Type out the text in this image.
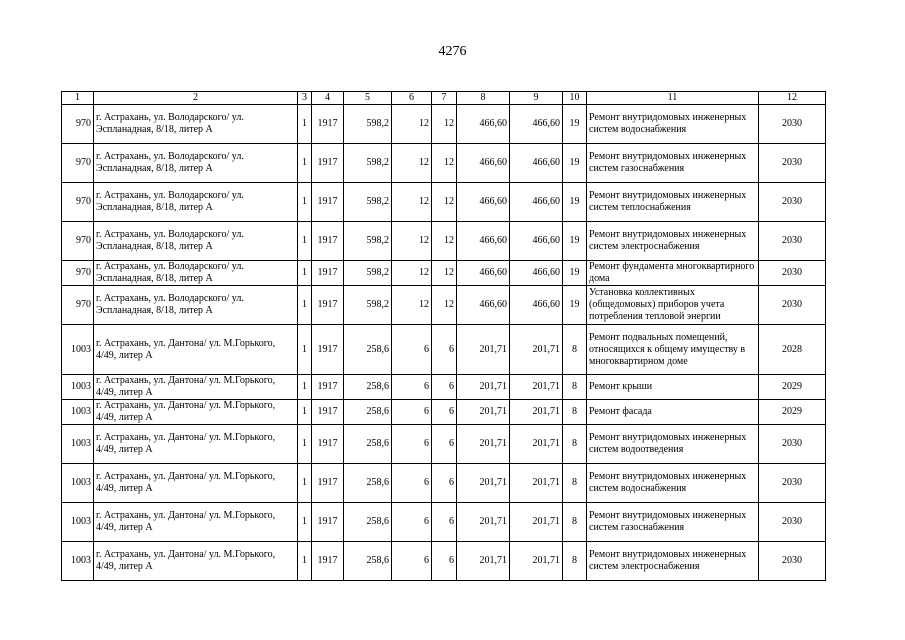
4276
1	2	3	4	5	6	7	8	9	10	11	12
970	г. Астрахань, ул. Володарского/ ул. Эспланадная, 8/18, литер А	1	1917	598,2	12	12	466,60	466,60	19	Ремонт внутридомовых инженерных систем водоснабжения	2030
970	г. Астрахань, ул. Володарского/ ул. Эспланадная, 8/18, литер А	1	1917	598,2	12	12	466,60	466,60	19	Ремонт внутридомовых инженерных систем газоснабжения	2030
970	г. Астрахань, ул. Володарского/ ул. Эспланадная, 8/18, литер А	1	1917	598,2	12	12	466,60	466,60	19	Ремонт внутридомовых инженерных систем теплоснабжения	2030
970	г. Астрахань, ул. Володарского/ ул. Эспланадная, 8/18, литер А	1	1917	598,2	12	12	466,60	466,60	19	Ремонт внутридомовых инженерных систем электроснабжения	2030
970	г. Астрахань, ул. Володарского/ ул. Эспланадная, 8/18, литер А	1	1917	598,2	12	12	466,60	466,60	19	Ремонт фундамента многоквартирного дома	2030
970	г. Астрахань, ул. Володарского/ ул. Эспланадная, 8/18, литер А	1	1917	598,2	12	12	466,60	466,60	19	Установка коллективных (общедомовых) приборов учета потребления тепловой энергии	2030
1003	г. Астрахань, ул. Дантона/ ул. М.Горького, 4/49, литер А	1	1917	258,6	6	6	201,71	201,71	8	Ремонт подвальных помещений, относящихся к общему имуществу в многоквартирном доме	2028
1003	г. Астрахань, ул. Дантона/ ул. М.Горького, 4/49, литер А	1	1917	258,6	6	6	201,71	201,71	8	Ремонт крыши	2029
1003	г. Астрахань, ул. Дантона/ ул. М.Горького, 4/49, литер А	1	1917	258,6	6	6	201,71	201,71	8	Ремонт фасада	2029
1003	г. Астрахань, ул. Дантона/ ул. М.Горького, 4/49, литер А	1	1917	258,6	6	6	201,71	201,71	8	Ремонт внутридомовых инженерных систем водоотведения	2030
1003	г. Астрахань, ул. Дантона/ ул. М.Горького, 4/49, литер А	1	1917	258,6	6	6	201,71	201,71	8	Ремонт внутридомовых инженерных систем водоснабжения	2030
1003	г. Астрахань, ул. Дантона/ ул. М.Горького, 4/49, литер А	1	1917	258,6	6	6	201,71	201,71	8	Ремонт внутридомовых инженерных систем газоснабжения	2030
1003	г. Астрахань, ул. Дантона/ ул. М.Горького, 4/49, литер А	1	1917	258,6	6	6	201,71	201,71	8	Ремонт внутридомовых инженерных систем электроснабжения	2030
